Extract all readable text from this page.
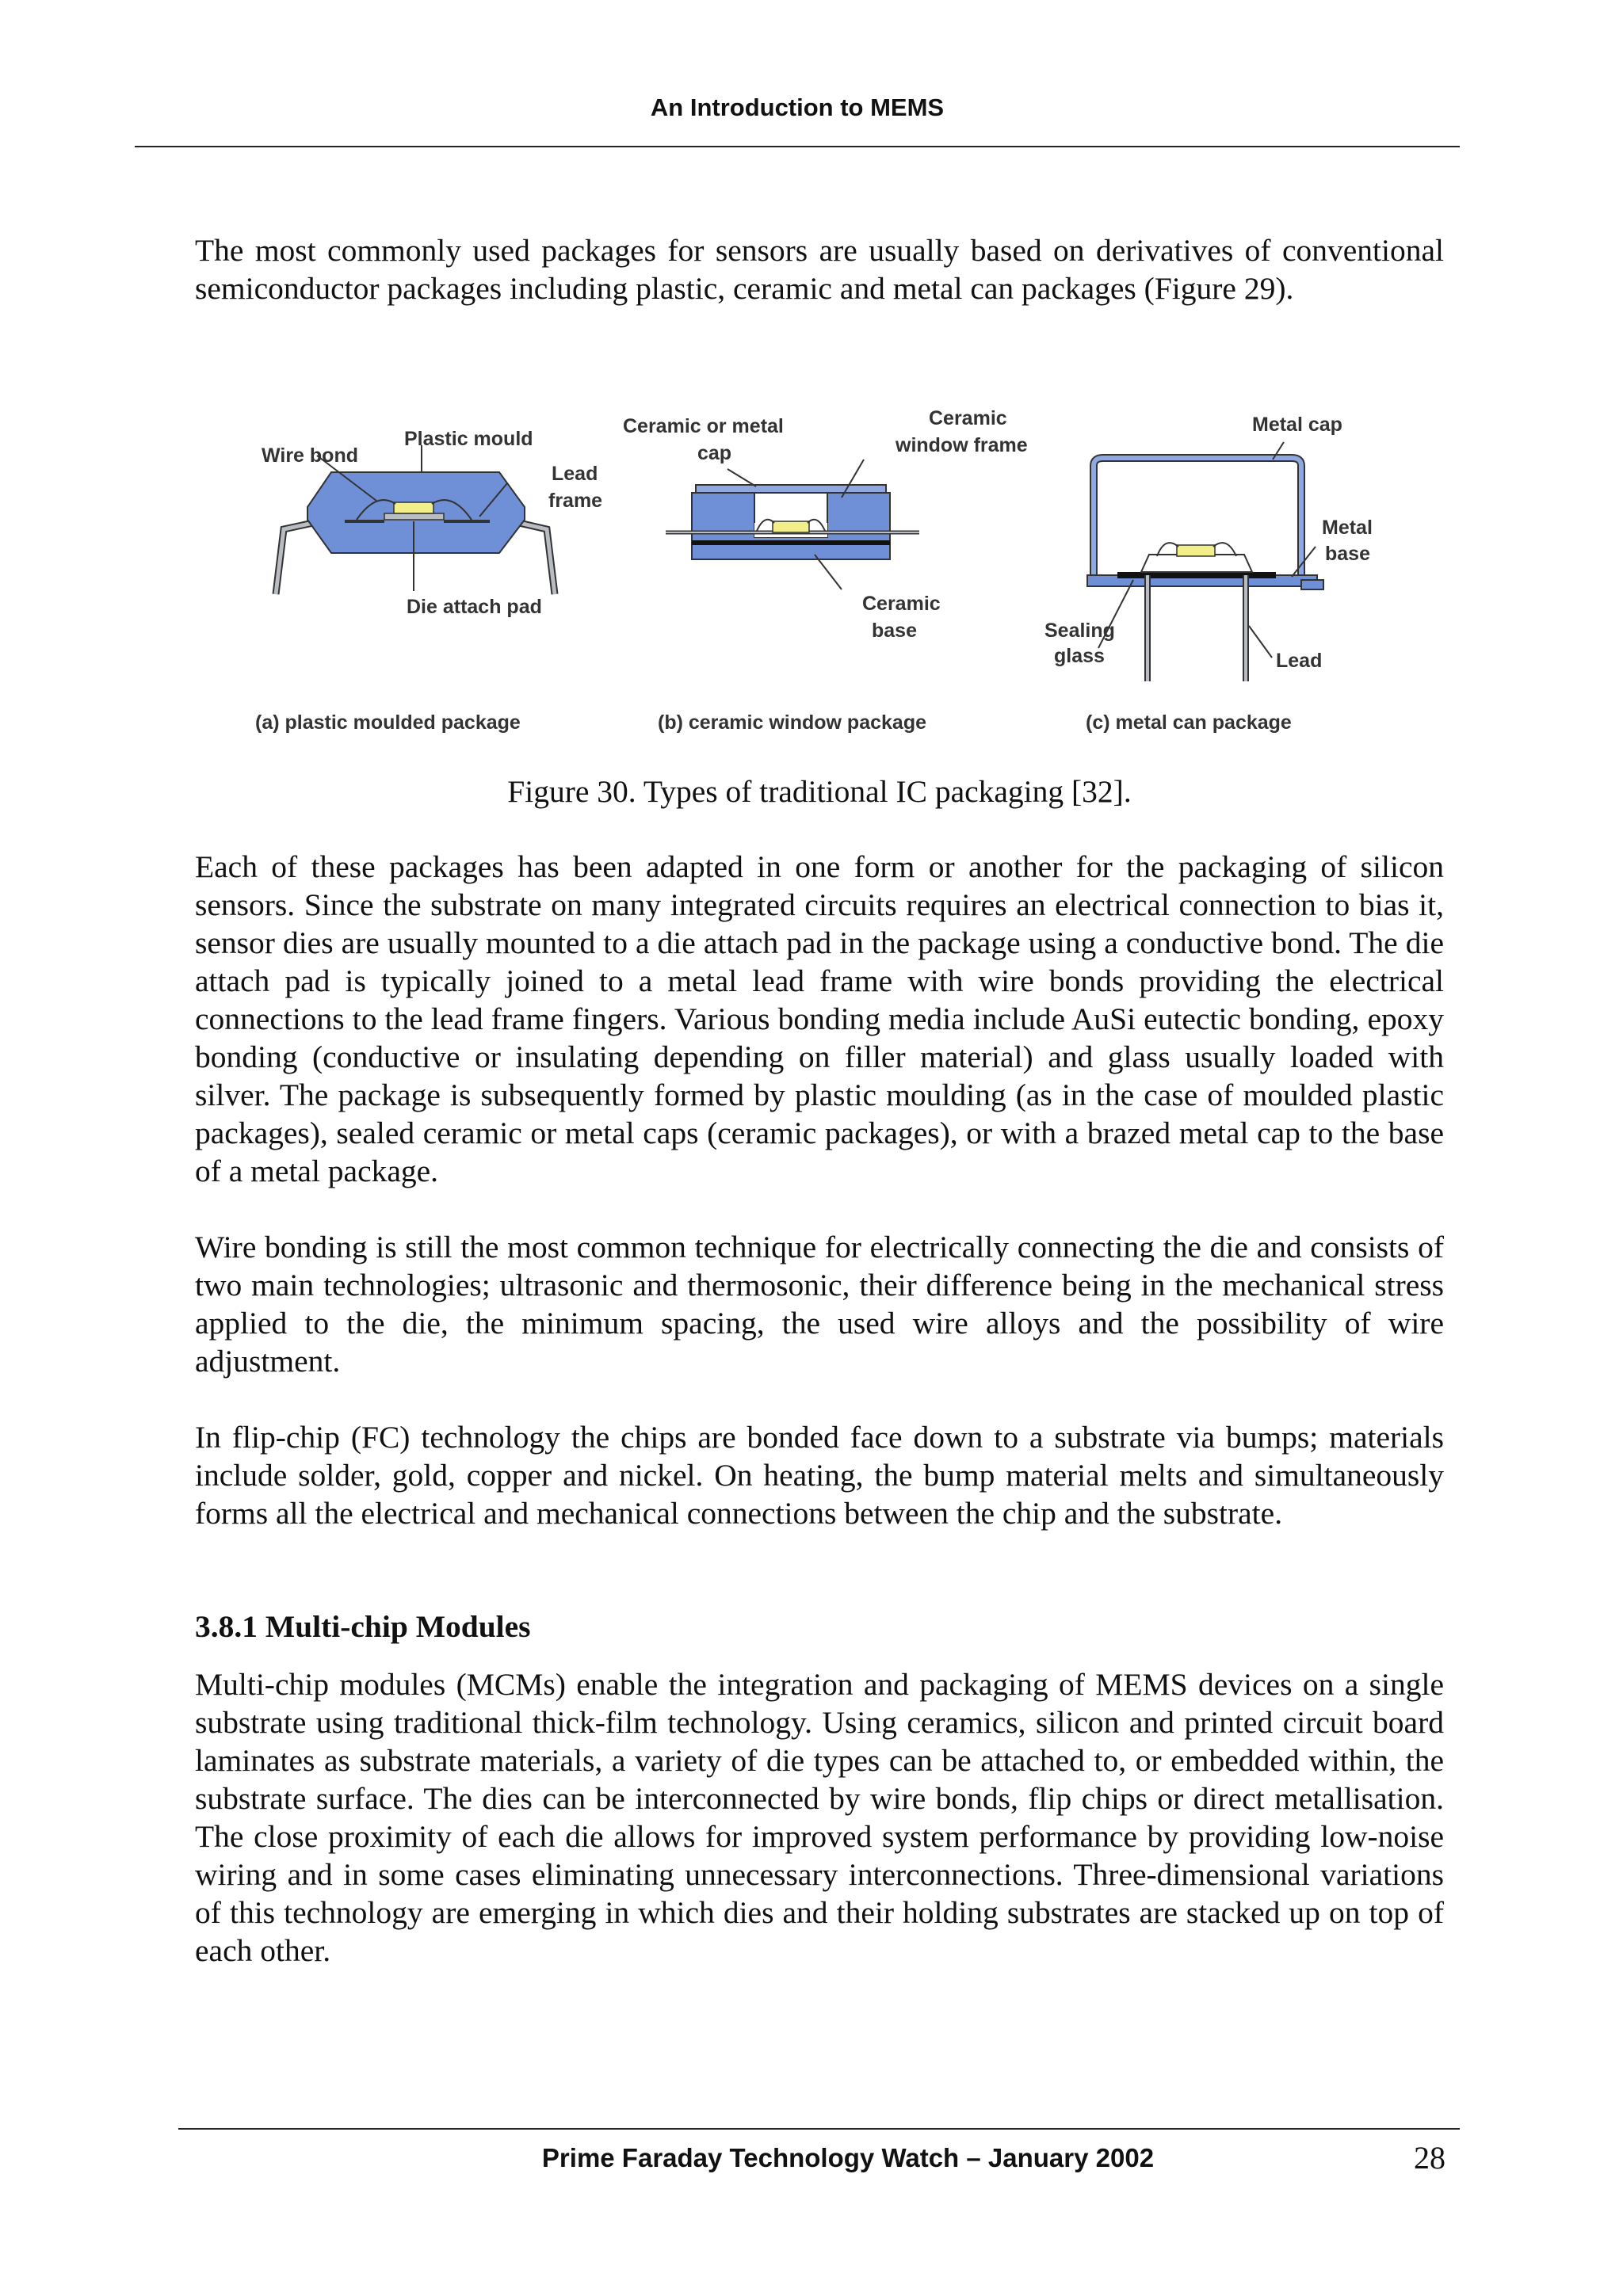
An Introduction to MEMS

The most commonly used packages for sensors are usually based on derivatives of conventional semiconductor packages including plastic, ceramic and metal can packages (Figure 29).

Wire bond
Plastic mould
Lead
frame
Die attach pad
(a) plastic moulded package
Ceramic or metal
cap
Ceramic
window frame
Ceramic
base
(b) ceramic window package
Metal cap
Metal
base
Sealing
glass	Lead
(c) metal can package
Figure 30. Types of traditional IC packaging [32].

Each of these packages has been adapted in one form or another for the packaging of silicon sensors. Since the substrate on many integrated circuits requires an electrical connection to bias it, sensor dies are usually mounted to a die attach pad in the package using a conductive bond. The die attach pad is typically joined to a metal lead frame with wire bonds providing the electrical connections to the lead frame fingers. Various bonding media include AuSi eutectic bonding, epoxy bonding (conductive or insulating depending on filler material) and glass usually loaded with silver. The package is subsequently formed by plastic moulding (as in the case of moulded plastic packages), sealed ceramic or metal caps (ceramic packages), or with a brazed metal cap to the base of a metal package.

Wire bonding is still the most common technique for electrically connecting the die and consists of two main technologies; ultrasonic and thermosonic, their difference being in the mechanical stress applied to the die, the minimum spacing, the used wire alloys and the possibility of wire adjustment.

In flip-chip (FC) technology the chips are bonded face down to a substrate via bumps; materials include solder, gold, copper and nickel. On heating, the bump material melts and simultaneously forms all the electrical and mechanical connections between the chip and the substrate.

3.8.1 Multi-chip Modules

Multi-chip modules (MCMs) enable the integration and packaging of MEMS devices on a single substrate using traditional thick-film technology. Using ceramics, silicon and printed circuit board laminates as substrate materials, a variety of die types can be attached to, or embedded within, the substrate surface. The dies can be interconnected by wire bonds, flip chips or direct metallisation. The close proximity of each die allows for improved system performance by providing low-noise wiring and in some cases eliminating unnecessary interconnections. Three-dimensional variations of this technology are emerging in which dies and their holding substrates are stacked up on top of each other.

Prime Faraday Technology Watch – January 2002	28
